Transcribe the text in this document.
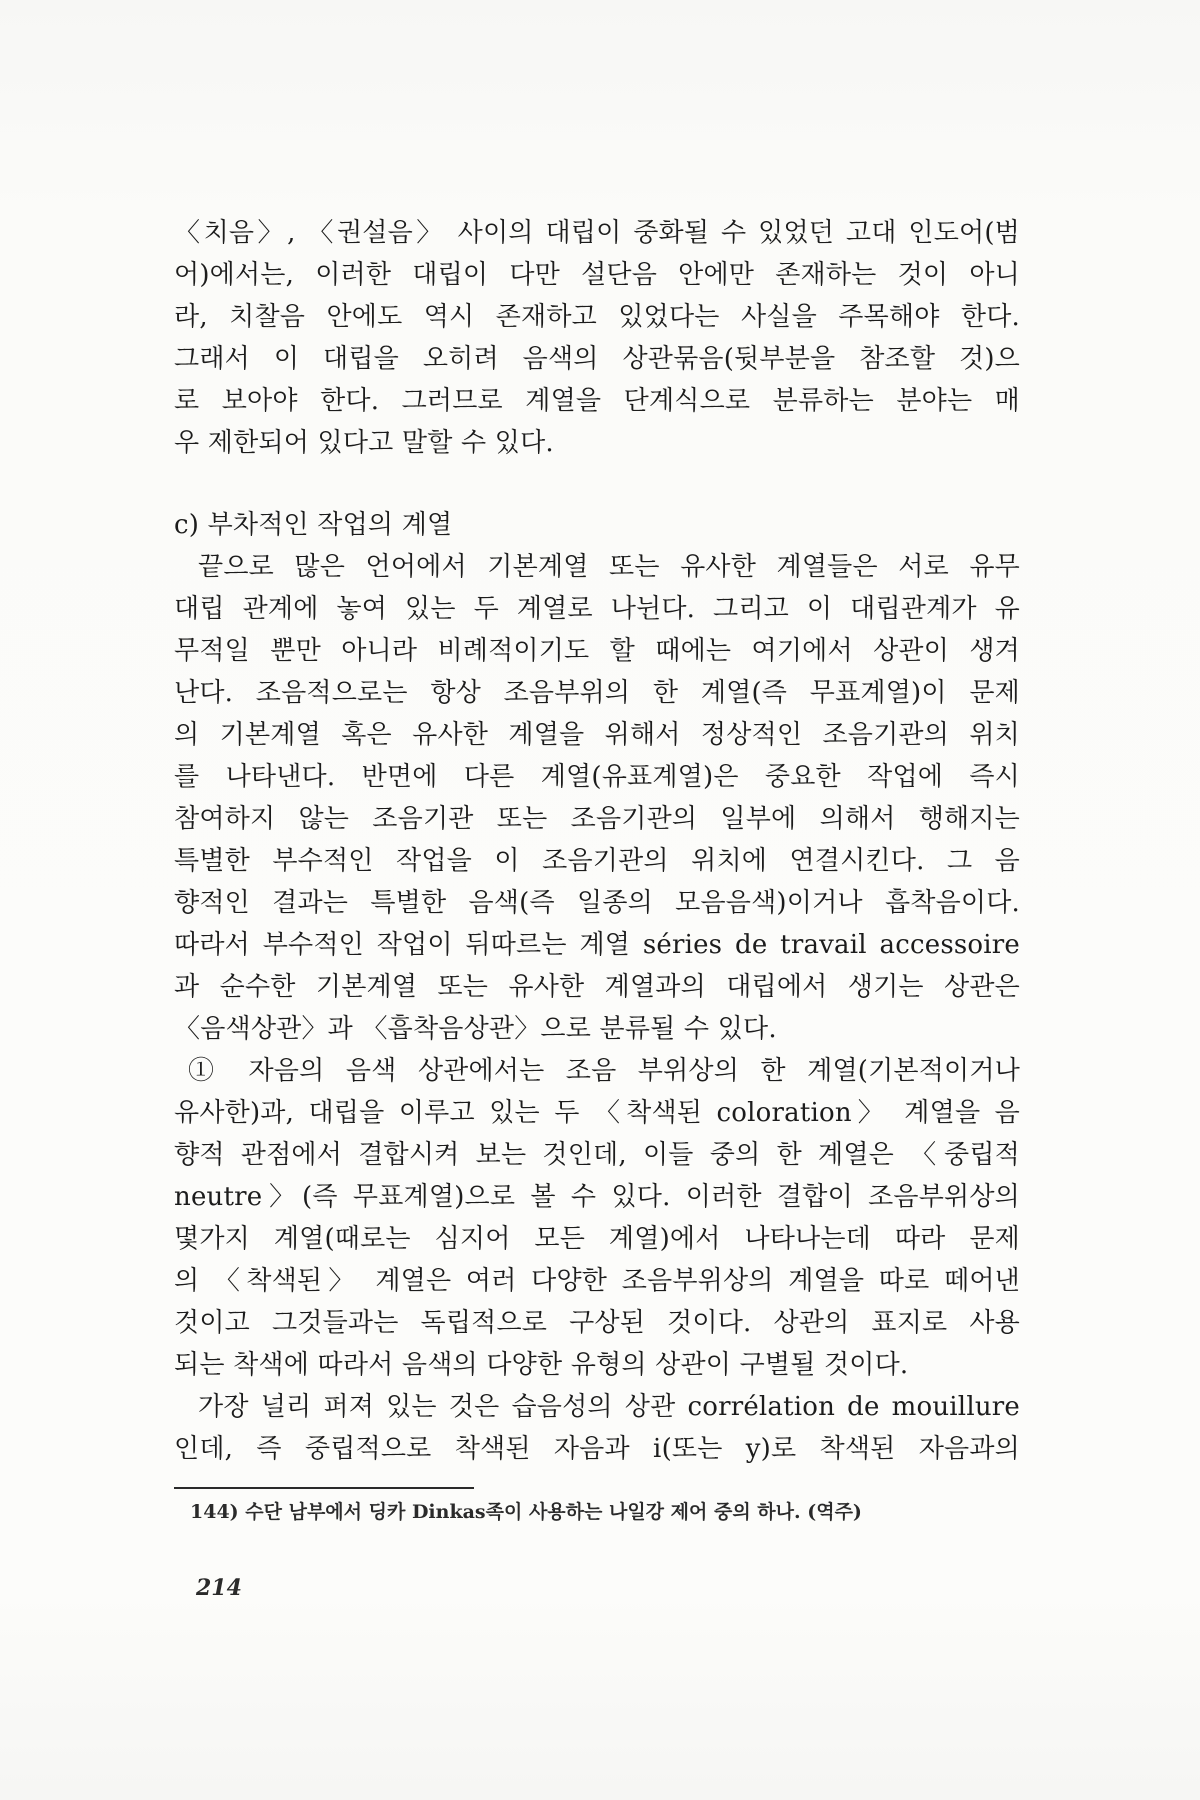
〈치음〉, 〈권설음〉 사이의 대립이 중화될 수 있었던 고대 인도어(범
어)에서는, 이러한 대립이 다만 설단음 안에만 존재하는 것이 아니
라, 치찰음 안에도 역시 존재하고 있었다는 사실을 주목해야 한다.
그래서 이 대립을 오히려 음색의 상관묶음(뒷부분을 참조할 것)으
로 보아야 한다. 그러므로 계열을 단계식으로 분류하는 분야는 매
우 제한되어 있다고 말할 수 있다.
c) 부차적인 작업의 계열
끝으로 많은 언어에서 기본계열 또는 유사한 계열들은 서로 유무
대립 관계에 놓여 있는 두 계열로 나뉜다. 그리고 이 대립관계가 유
무적일 뿐만 아니라 비례적이기도 할 때에는 여기에서 상관이 생겨
난다. 조음적으로는 항상 조음부위의 한 계열(즉 무표계열)이 문제
의 기본계열 혹은 유사한 계열을 위해서 정상적인 조음기관의 위치
를 나타낸다. 반면에 다른 계열(유표계열)은 중요한 작업에 즉시
참여하지 않는 조음기관 또는 조음기관의 일부에 의해서 행해지는
특별한 부수적인 작업을 이 조음기관의 위치에 연결시킨다. 그 음
향적인 결과는 특별한 음색(즉 일종의 모음음색)이거나 흡착음이다.
따라서 부수적인 작업이 뒤따르는 계열 séries de travail accessoire
과 순수한 기본계열 또는 유사한 계열과의 대립에서 생기는 상관은
〈음색상관〉과 〈흡착음상관〉으로 분류될 수 있다.
① 자음의 음색 상관에서는 조음 부위상의 한 계열(기본적이거나
유사한)과, 대립을 이루고 있는 두 〈착색된 coloration〉 계열을 음
향적 관점에서 결합시켜 보는 것인데, 이들 중의 한 계열은 〈중립적
neutre〉(즉 무표계열)으로 볼 수 있다. 이러한 결합이 조음부위상의
몇가지 계열(때로는 심지어 모든 계열)에서 나타나는데 따라 문제
의 〈착색된〉 계열은 여러 다양한 조음부위상의 계열을 따로 떼어낸
것이고 그것들과는 독립적으로 구상된 것이다. 상관의 표지로 사용
되는 착색에 따라서 음색의 다양한 유형의 상관이 구별될 것이다.
가장 널리 퍼져 있는 것은 습음성의 상관 corrélation de mouillure
인데, 즉 중립적으로 착색된 자음과 i(또는 y)로 착색된 자음과의
144) 수단 남부에서 딩카 Dinkas족이 사용하는 나일강 제어 중의 하나. (역주)
214
